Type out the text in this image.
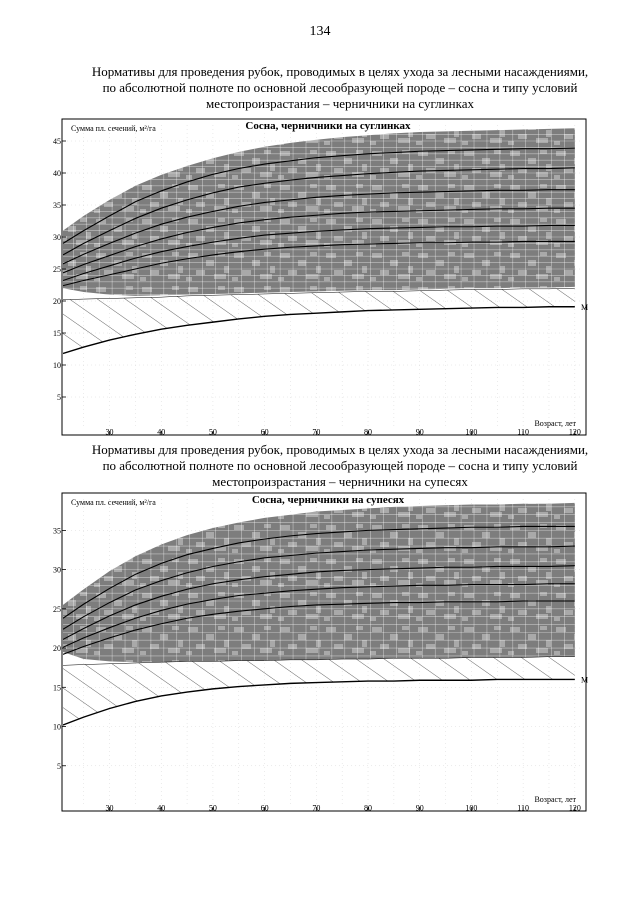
134
Нормативы для проведения рубок, проводимых в целях ухода за лесными насаждениями,
по абсолютной полноте по основной лесообразующей породе – сосна и типу условий
местопроизрастания – черничники на суглинках
М
Сосна, черничники на суглинках
Сумма пл. сечений, м²/га
Возраст, лет
5
10
15
20
25
30
35
40
45
30	40	50	60	70	80	90	100	110	120
Нормативы для проведения рубок, проводимых в целях ухода за лесными насаждениями,
по абсолютной полноте по основной лесообразующей породе – сосна и типу условий
местопроизрастания – черничники на супесях
М
Сосна, черничники на супесях
Сумма пл. сечений, м²/га
Возраст, лет
5
10
15
20
25
30
35
30	40	50	60	70	80	90	100	110	120
